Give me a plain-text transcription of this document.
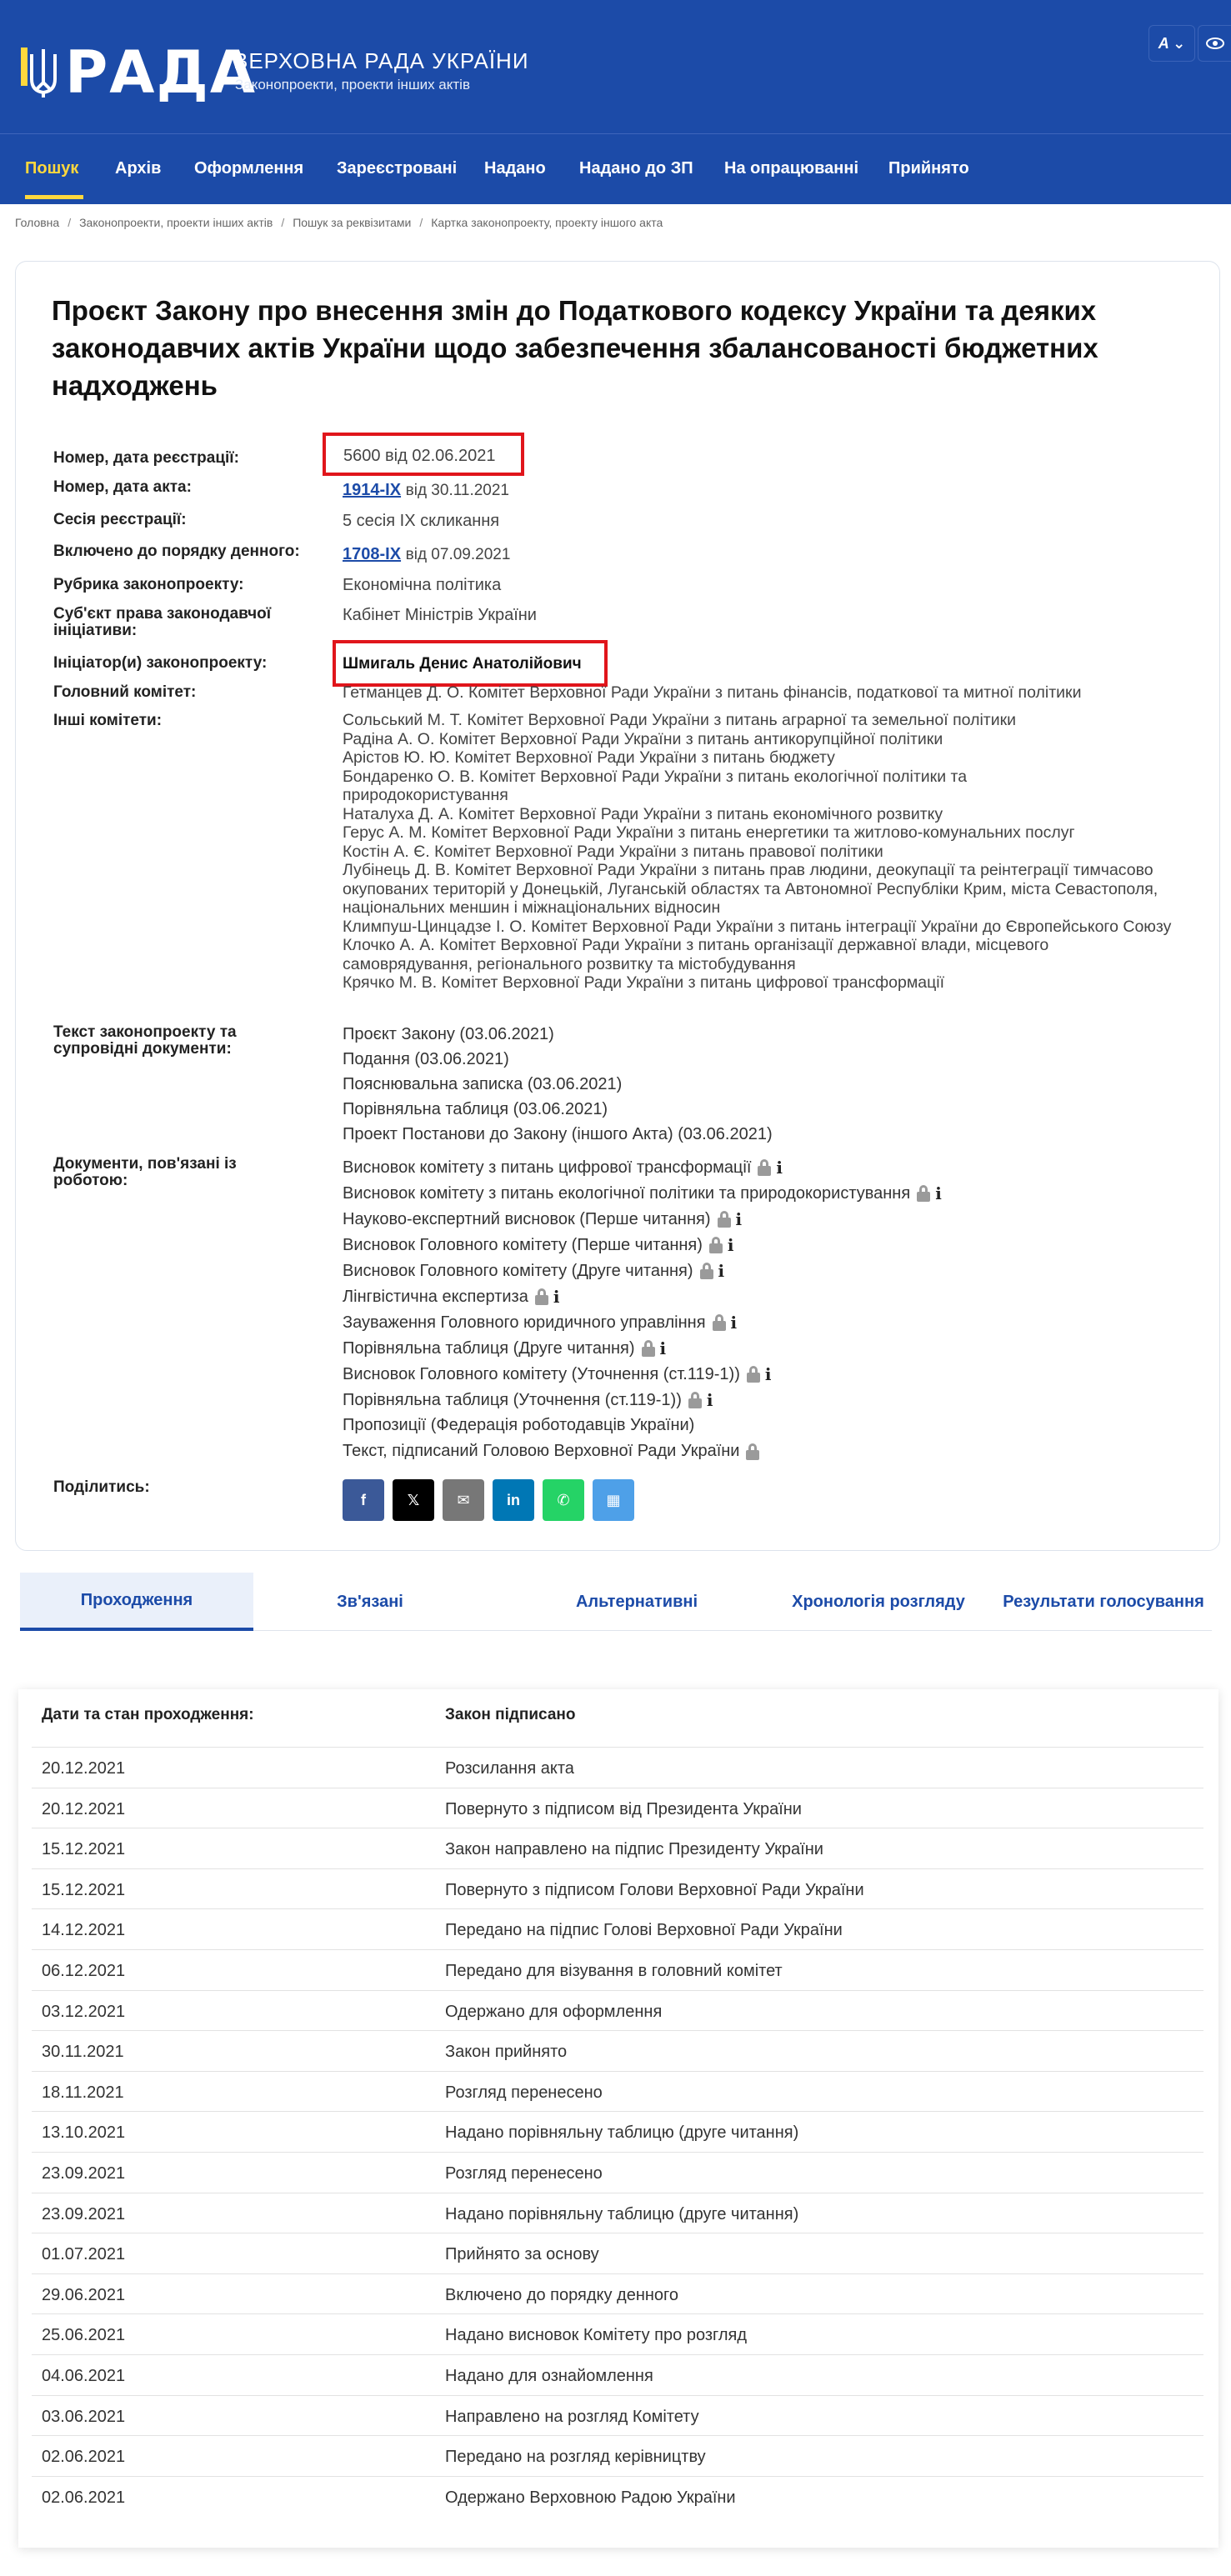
РАДА
ВЕРХОВНА РАДА УКРАЇНИ
Законопроекти, проекти інших актів
A ⌄
Пошук Архів Оформлення Зареєстровані Надано Надано до ЗП На опрацюванні Прийнято
Головна / Законопроекти, проекти інших актів / Пошук за реквізитами / Картка законопроекту, проекту іншого акта
Проєкт Закону про внесення змін до Податкового кодексу України та деяких законодавчих актів України щодо забезпечення збалансованості бюджетних надходжень
Номер, дата реєстрації:	5600 від 02.06.2021
Номер, дата акта:	1914-IX від 30.11.2021
Сесія реєстрації:	5 сесія IX скликання
Включено до порядку денного:	1708-IX від 07.09.2021
Рубрика законопроекту:	Економічна політика
Суб'єкт права законодавчої ініціативи:
Кабінет Міністрів України
Ініціатор(и) законопроекту:	Шмигаль Денис Анатолійович
Головний комітет:	Гетманцев Д. О. Комітет Верховної Ради України з питань фінансів, податкової та митної політики
Інші комітети:	Сольський М. Т. Комітет Верховної Ради України з питань аграрної та земельної політики
Радіна А. О. Комітет Верховної Ради України з питань антикорупційної політики
Арістов Ю. Ю. Комітет Верховної Ради України з питань бюджету
Бондаренко О. В. Комітет Верховної Ради України з питань екологічної політики та природокористування
Наталуха Д. А. Комітет Верховної Ради України з питань економічного розвитку
Герус А. М. Комітет Верховної Ради України з питань енергетики та житлово-комунальних послуг
Костін А. Є. Комітет Верховної Ради України з питань правової політики
Лубінець Д. В. Комітет Верховної Ради України з питань прав людини, деокупації та реінтеграції тимчасово окупованих територій у Донецькій, Луганській областях та Автономної Республіки Крим, міста Севастополя, національних меншин і міжнаціональних відносин
Климпуш-Цинцадзе І. О. Комітет Верховної Ради України з питань інтеграції України до Європейського Союзу
Клочко А. А. Комітет Верховної Ради України з питань організації державної влади, місцевого самоврядування, регіонального розвитку та містобудування
Крячко М. В. Комітет Верховної Ради України з питань цифрової трансформації
Текст законопроекту та супровідні документи:
Проєкт Закону (03.06.2021)
Подання (03.06.2021)
Пояснювальна записка (03.06.2021)
Порівняльна таблиця (03.06.2021)
Проект Постанови до Закону (іншого Акта) (03.06.2021)
Документи, пов'язані із роботою:
Висновок комітету з питань цифрової трансформації i
Висновок комітету з питань екологічної політики та природокористування i
Науково-експертний висновок (Перше читання) i
Висновок Головного комітету (Перше читання) i
Висновок Головного комітету (Друге читання) i
Лінгвістична експертиза i
Зауваження Головного юридичного управління i
Порівняльна таблиця (Друге читання) i
Висновок Головного комітету (Уточнення (ст.119-1)) i
Порівняльна таблиця (Уточнення (ст.119-1)) i
Пропозиції (Федерація роботодавців України)
Текст, підписаний Головою Верховної Ради України
Поділитись:
f	𝕏	✉ in ✆ ▦
Проходження	Зв'язані	Альтернативні	Хронологія розгляду	Результати голосування
Дати та стан проходження:	Закон підписано
20.12.2021	Розсилання акта
20.12.2021	Повернуто з підписом від Президента України
15.12.2021	Закон направлено на підпис Президенту України
15.12.2021	Повернуто з підписом Голови Верховної Ради України
14.12.2021	Передано на підпис Голові Верховної Ради України
06.12.2021	Передано для візування в головний комітет
03.12.2021	Одержано для оформлення
30.11.2021	Закон прийнято
18.11.2021	Розгляд перенесено
13.10.2021	Надано порівняльну таблицю (друге читання)
23.09.2021	Розгляд перенесено
23.09.2021	Надано порівняльну таблицю (друге читання)
01.07.2021	Прийнято за основу
29.06.2021	Включено до порядку денного
25.06.2021	Надано висновок Комітету про розгляд
04.06.2021	Надано для ознайомлення
03.06.2021	Направлено на розгляд Комітету
02.06.2021	Передано на розгляд керівництву
02.06.2021	Одержано Верховною Радою України
